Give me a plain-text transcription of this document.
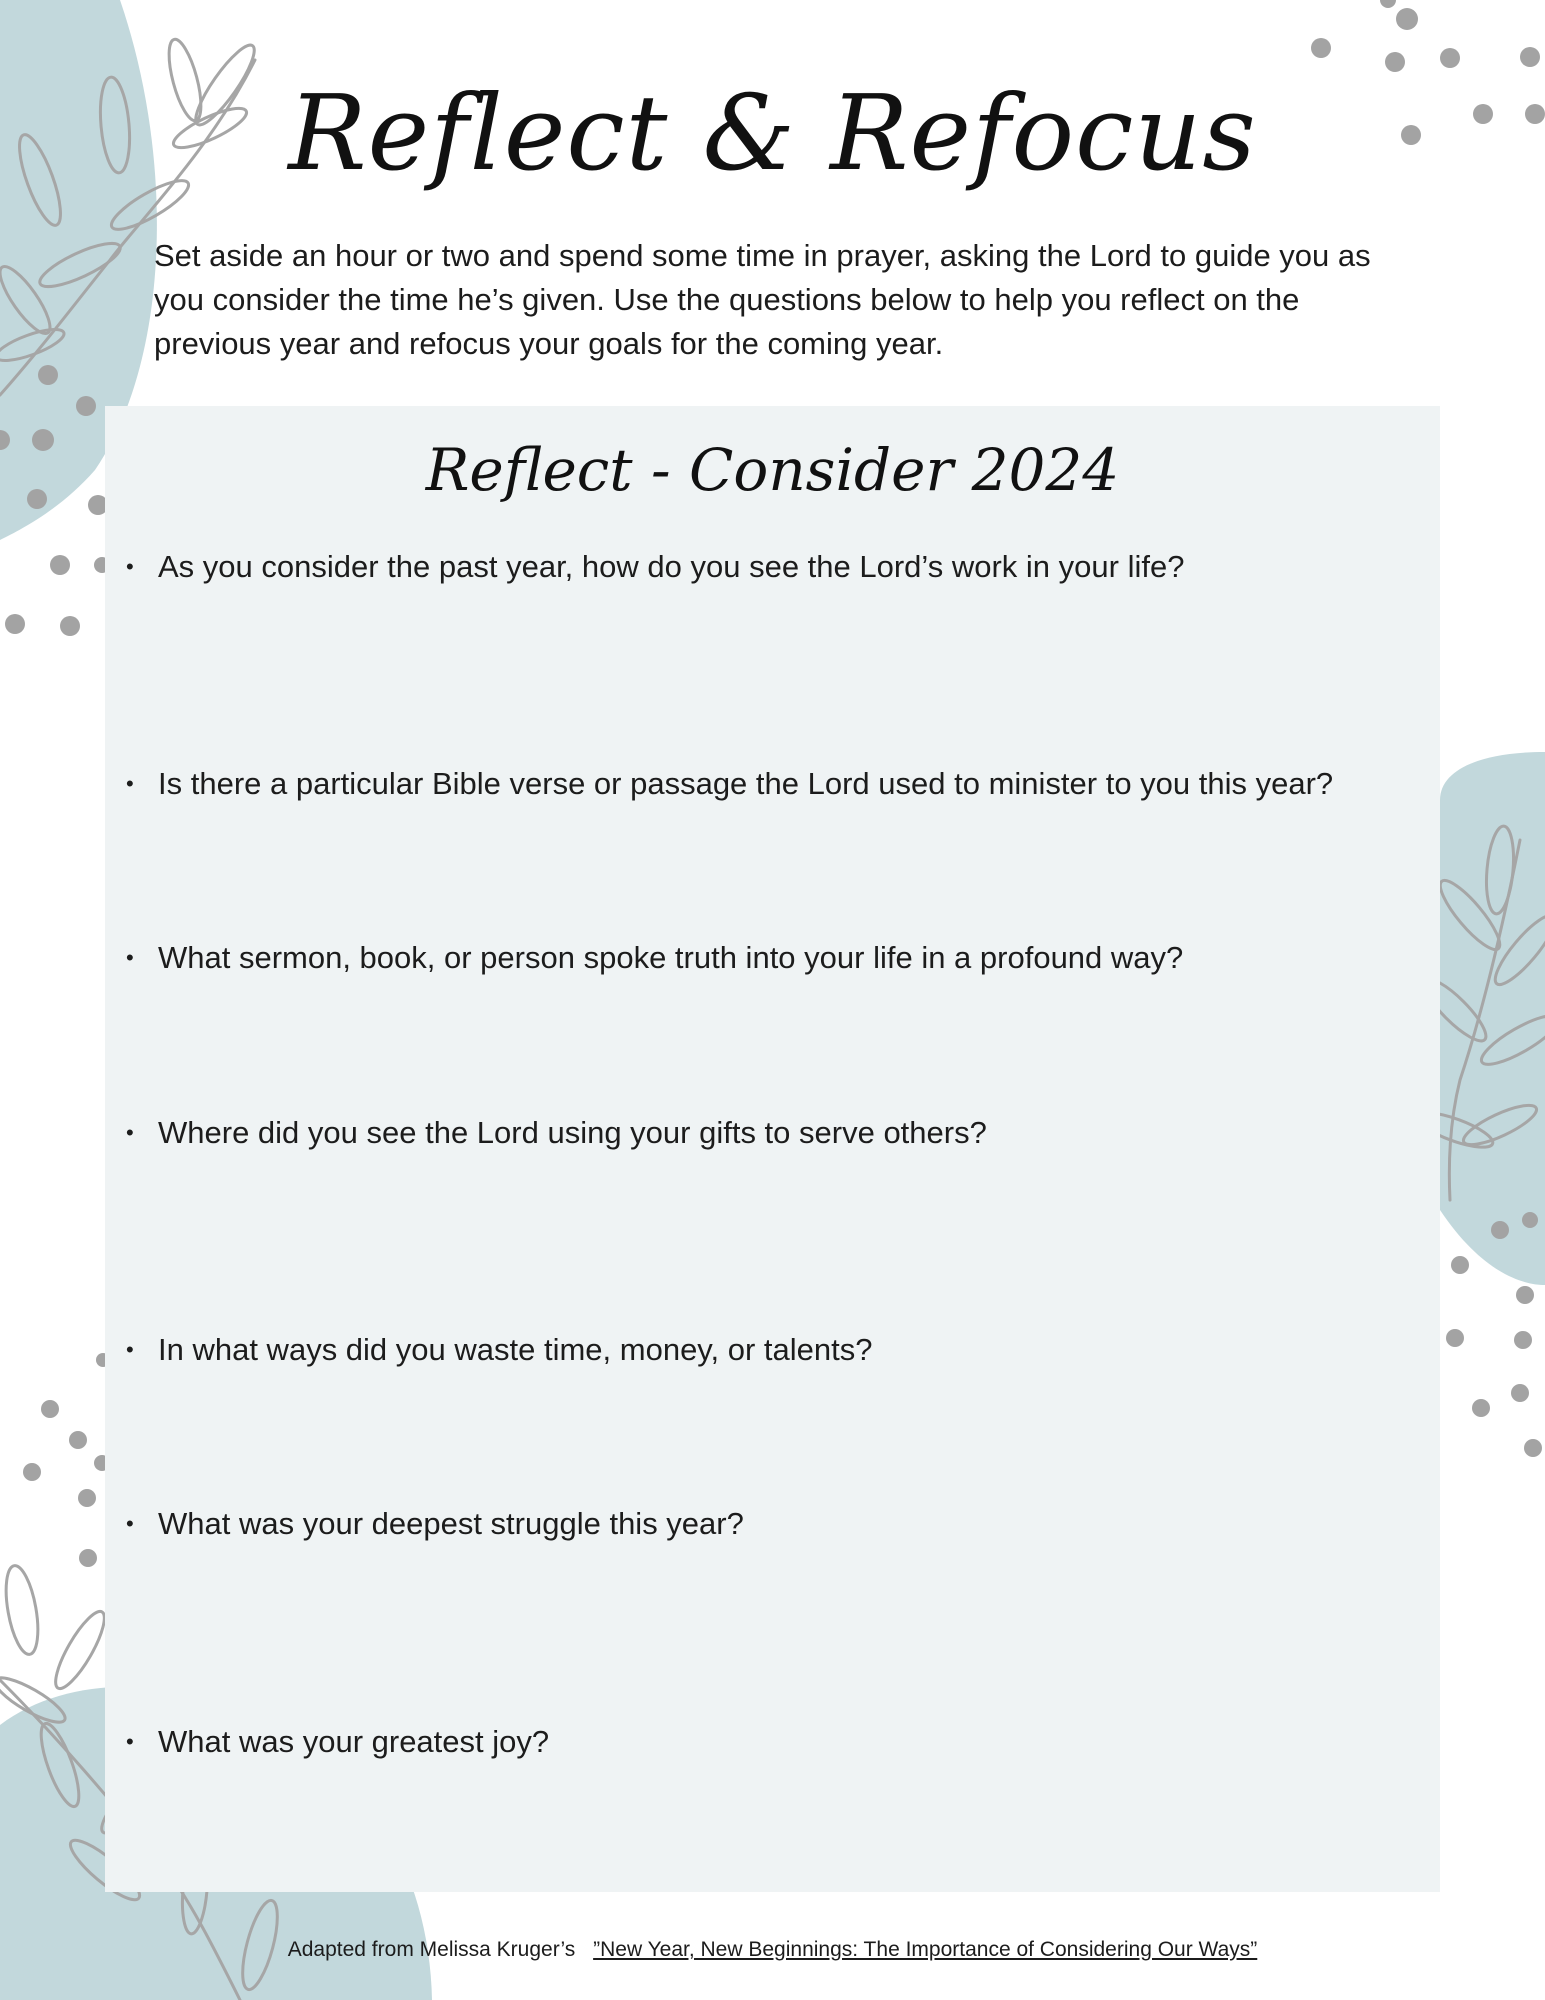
Reflect & Refocus

Set aside an hour or two and spend some time in prayer, asking the Lord to guide you as you consider the time he’s given. Use the questions below to help you reflect on the previous year and refocus your goals for the coming year.

Reflect - Consider 2024

• As you consider the past year, how do you see the Lord’s work in your life?

• Is there a particular Bible verse or passage the Lord used to minister to you this year?

• What sermon, book, or person spoke truth into your life in a profound way?

• Where did you see the Lord using your gifts to serve others?

• In what ways did you waste time, money, or talents?

• What was your deepest struggle this year?

• What was your greatest joy?

Adapted from Melissa Kruger’s ”New Year, New Beginnings: The Importance of Considering Our Ways”
